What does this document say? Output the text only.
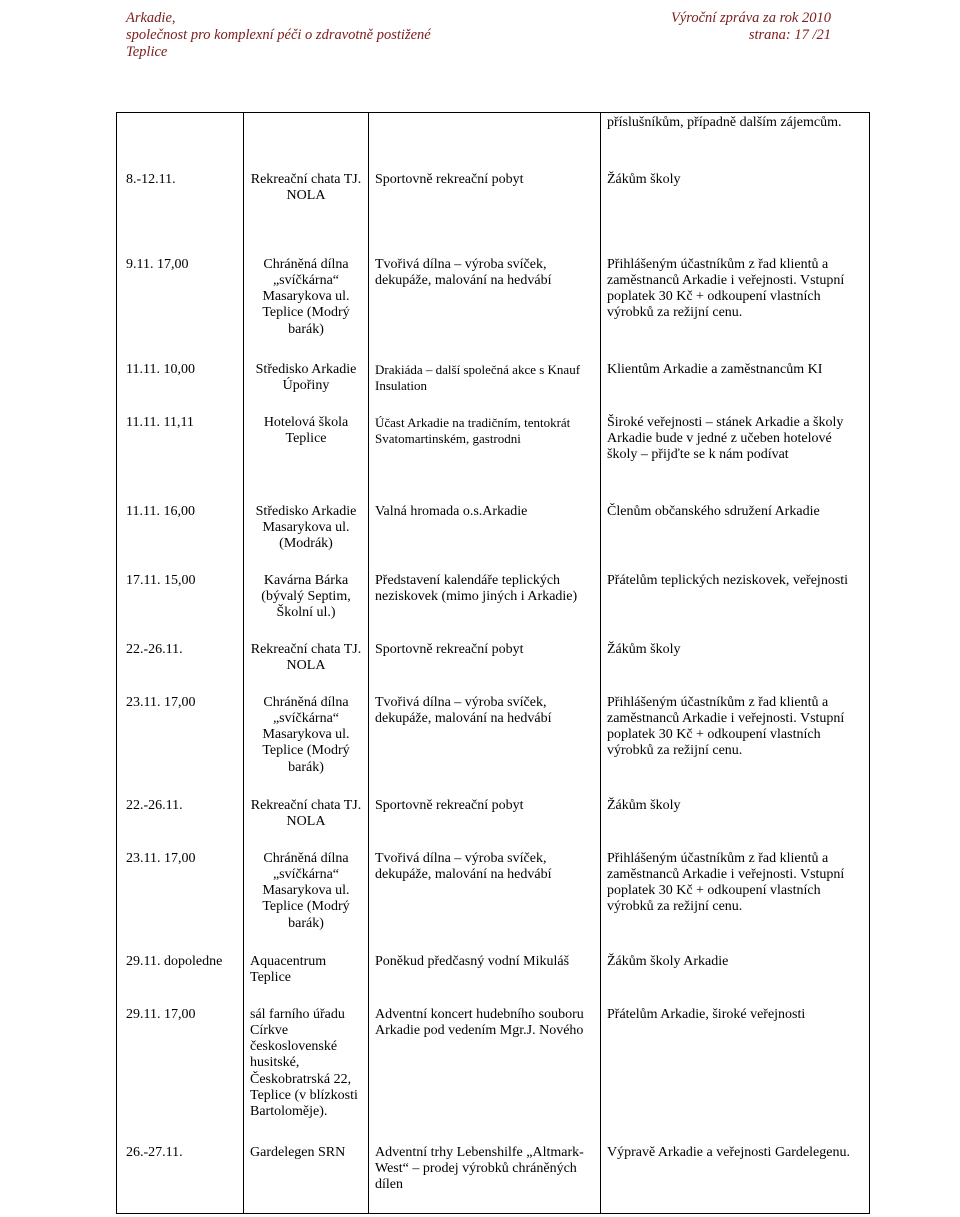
Arkadie,	Výroční zpráva za rok 2010
společnost pro komplexní péči o zdravotně postižené	strana: 17 /21
Teplice
			příslušníkům, případně dalším zájemcům.
8.-12.11.	Rekreační chata TJ. NOLA	Sportovně rekreační pobyt	Žákům školy
9.11. 17,00	Chráněná dílna „svíčkárna“ Masarykova ul. Teplice (Modrý barák)	Tvořivá dílna – výroba svíček, dekupáže, malování na hedvábí	Přihlášeným účastníkům z řad klientů a zaměstnanců Arkadie i veřejnosti. Vstupní poplatek 30 Kč + odkoupení vlastních výrobků za režijní cenu.
11.11. 10,00	Středisko Arkadie Úpořiny	Drakiáda – další společná akce s Knauf Insulation	Klientům Arkadie a zaměstnancům KI
11.11. 11,11	Hotelová škola Teplice	Účast Arkadie na tradičním, tentokrát Svatomartinském, gastrodni	Široké veřejnosti – stánek Arkadie a školy Arkadie bude v jedné z učeben hotelové školy – přijďte se k nám podívat
11.11. 16,00	Středisko Arkadie Masarykova ul. (Modrák)	Valná hromada o.s.Arkadie	Členům občanského sdružení Arkadie
17.11. 15,00	Kavárna Bárka (bývalý Septim, Školní ul.)	Představení kalendáře teplických neziskovek (mimo jiných i Arkadie)	Přátelům teplických neziskovek, veřejnosti
22.-26.11.	Rekreační chata TJ. NOLA	Sportovně rekreační pobyt	Žákům školy
23.11. 17,00	Chráněná dílna „svíčkárna“ Masarykova ul. Teplice (Modrý barák)	Tvořivá dílna – výroba svíček, dekupáže, malování na hedvábí	Přihlášeným účastníkům z řad klientů a zaměstnanců Arkadie i veřejnosti. Vstupní poplatek 30 Kč + odkoupení vlastních výrobků za režijní cenu.
22.-26.11.	Rekreační chata TJ. NOLA	Sportovně rekreační pobyt	Žákům školy
23.11. 17,00	Chráněná dílna „svíčkárna“ Masarykova ul. Teplice (Modrý barák)	Tvořivá dílna – výroba svíček, dekupáže, malování na hedvábí	Přihlášeným účastníkům z řad klientů a zaměstnanců Arkadie i veřejnosti. Vstupní poplatek 30 Kč + odkoupení vlastních výrobků za režijní cenu.
29.11. dopoledne	Aquacentrum Teplice	Poněkud předčasný vodní Mikuláš	Žákům školy Arkadie
29.11. 17,00	sál farního úřadu Církve československé husitské, Českobratrská 22, Teplice (v blízkosti Bartoloměje).	Adventní koncert hudebního souboru Arkadie pod vedením Mgr.J. Nového	Přátelům Arkadie, široké veřejnosti
26.-27.11.	Gardelegen SRN	Adventní trhy Lebenshilfe „Altmark- West“ – prodej výrobků chráněných dílen	Výpravě Arkadie a veřejnosti Gardelegenu.
